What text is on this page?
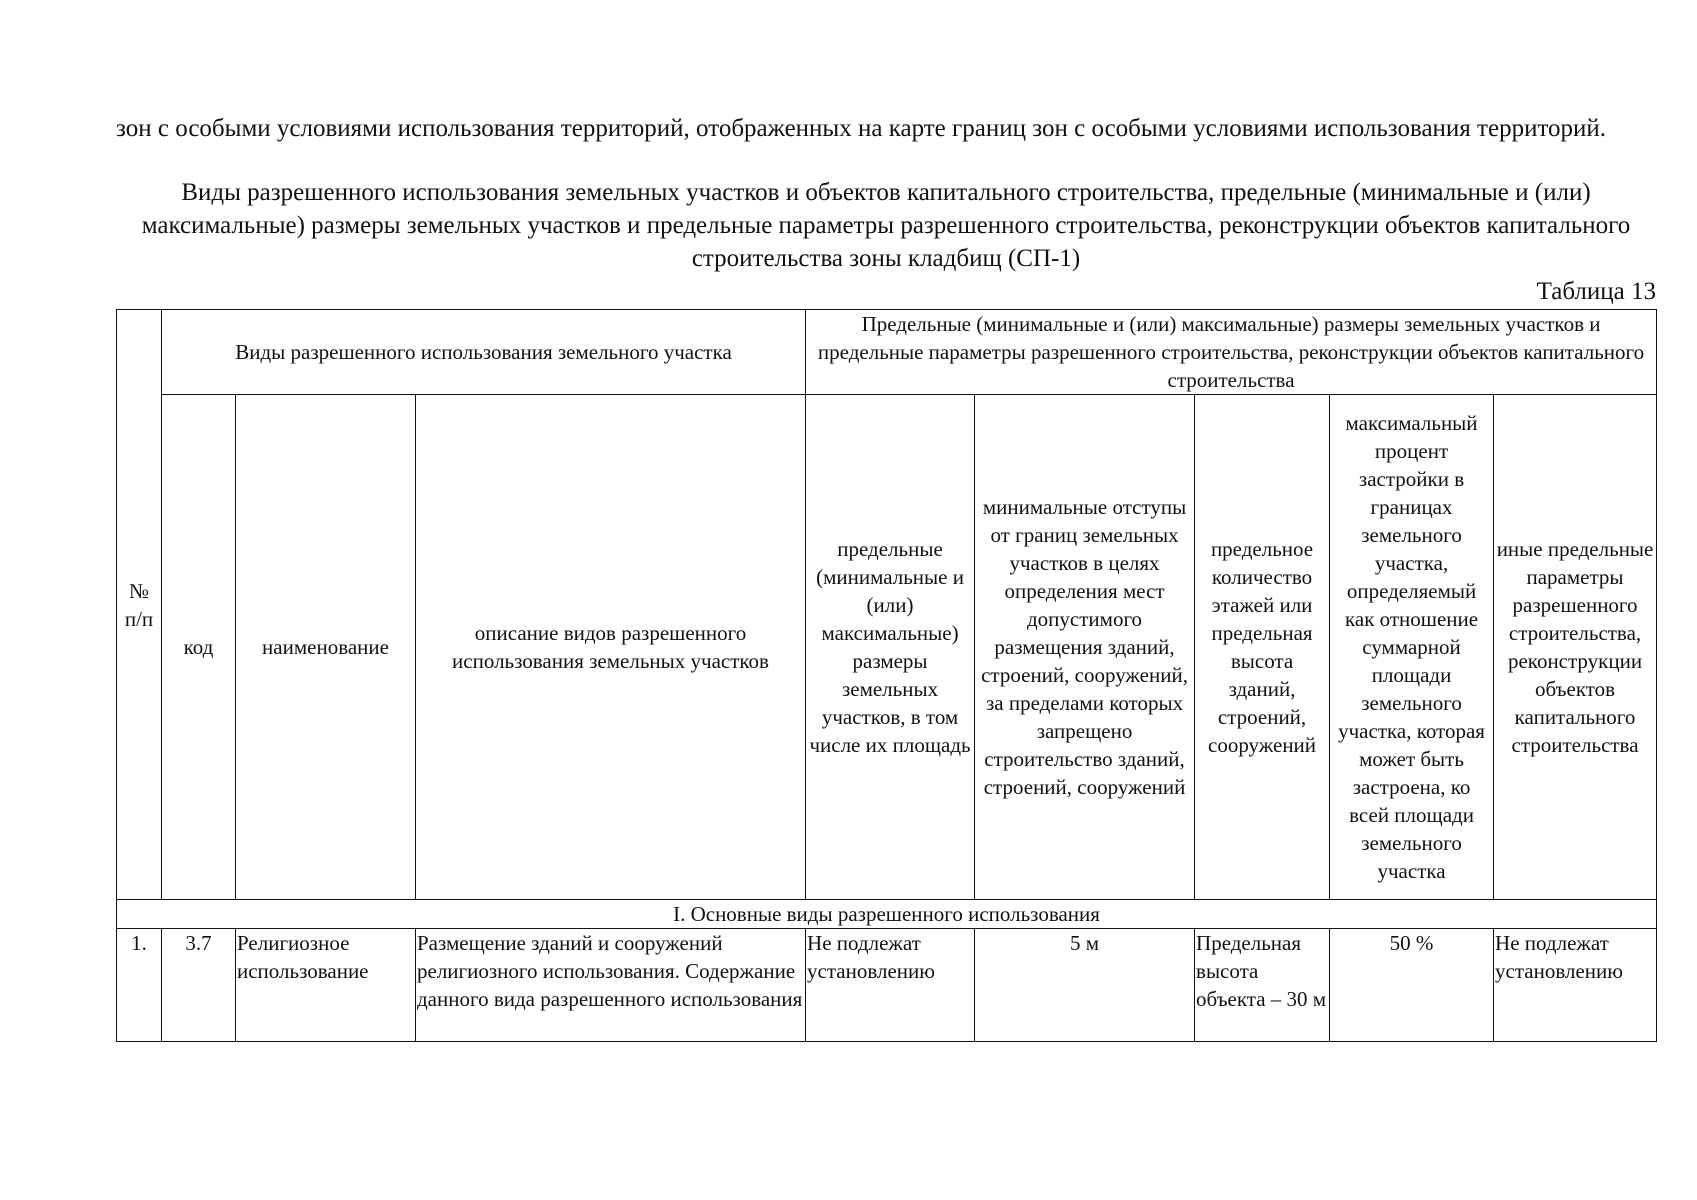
зон с особыми условиями использования территорий, отображенных на карте границ зон с особыми условиями использования территорий.

Виды разрешенного использования земельных участков и объектов капитального строительства, предельные (минимальные и (или) максимальные) размеры земельных участков и предельные параметры разрешенного строительства, реконструкции объектов капитального строительства зоны кладбищ (СП-1)

Таблица 13

№ п/п	Виды разрешенного использования земельного участка			Предельные (минимальные и (или) максимальные) размеры земельных участков и предельные параметры разрешенного строительства, реконструкции объектов капитального строительства				
	код	наименование	описание видов разрешенного использования земельных участков	предельные (минимальные и (или) максимальные) размеры земельных участков, в том числе их площадь	минимальные отступы от границ земельных участков в целях определения мест допустимого размещения зданий, строений, сооружений, за пределами которых запрещено строительство зданий, строений, сооружений	предельное количество этажей или предельная высота зданий, строений, сооружений	максимальный процент застройки в границах земельного участка, определяемый как отношение суммарной площади земельного участка, которая может быть застроена, ко всей площади земельного участка	иные предельные параметры разрешенного строительства, реконструкции объектов капитального строительства
I. Основные виды разрешенного использования								
1.	3.7	Религиозное использование	Размещение зданий и сооружений религиозного использования. Содержание данного вида разрешенного использования	Не подлежат установлению	5 м	Предельная высота объекта – 30 м	50 %	Не подлежат установлению
